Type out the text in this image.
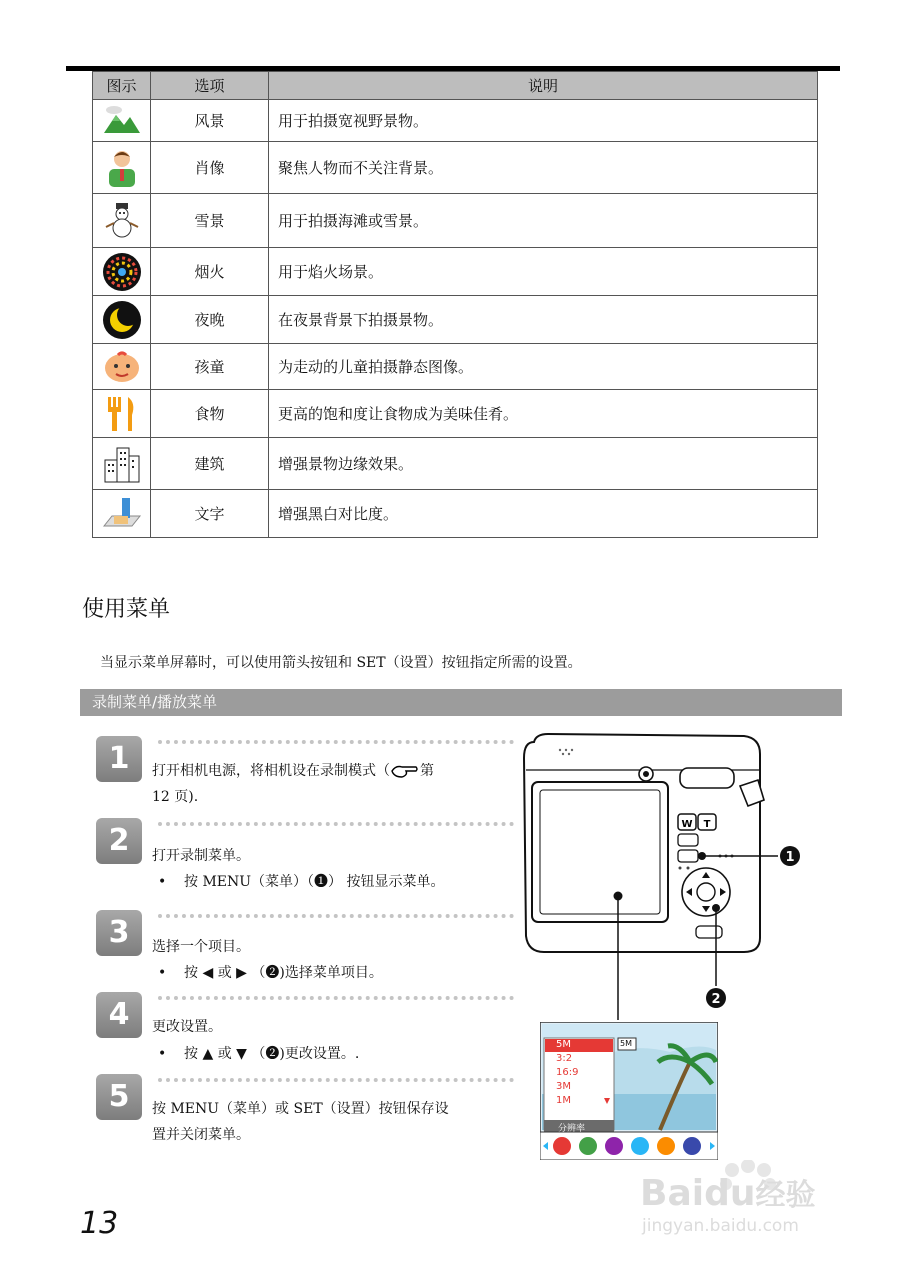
图示	选项	说明
	风景	用于拍摄宽视野景物。
	肖像	聚焦人物而不关注背景。
	雪景	用于拍摄海滩或雪景。
	烟火	用于焰火场景。
	夜晚	在夜景背景下拍摄景物。
	孩童	为走动的儿童拍摄静态图像。
	食物	更高的饱和度让食物成为美味佳肴。
	建筑	增强景物边缘效果。
	文字	增强黑白对比度。
使用菜单
当显示菜单屏幕时，可以使用箭头按钮和 SET（设置）按钮指定所需的设置。
录制菜单/播放菜单
1	打开相机电源，将相机设在录制模式（ 第
12 页).
2	打开录制菜单。
• 按 MENU（菜单）（❶） 按钮显示菜单。
3	选择一个项目。
• 按 ◀ 或 ▶ （❷)选择菜单项目。
4	更改设置。
• 按 ▲ 或 ▼ （❷)更改设置。.
5	按 MENU（菜单）或 SET（设置）按钮保存设
置并关闭菜单。
W T
1
2
5M
3:2
16:9
3M
1M
分辨率
5M
13
Baidu经验
jingyan.baidu.com
